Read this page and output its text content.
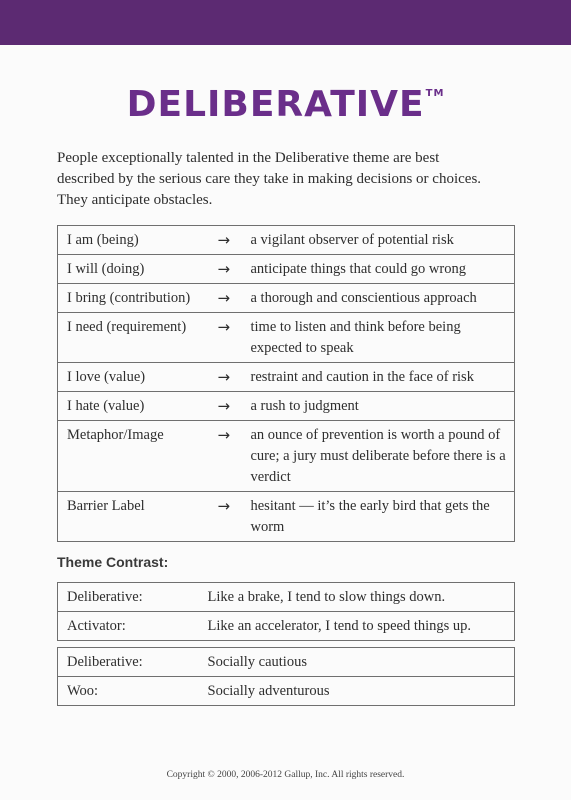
DELIBERATIVE™

People exceptionally talented in the Deliberative theme are best described by the serious care they take in making decisions or choices. They anticipate obstacles.

I am (being)	→	a vigilant observer of potential risk
I will (doing)	→	anticipate things that could go wrong
I bring (contribution)	→	a thorough and conscientious approach
I need (requirement)	→	time to listen and think before being expected to speak
I love (value)	→	restraint and caution in the face of risk
I hate (value)	→	a rush to judgment
Metaphor/Image	→	an ounce of prevention is worth a pound of cure; a jury must deliberate before there is a verdict
Barrier Label	→	hesitant — it’s the early bird that gets the worm
Theme Contrast:
Deliberative:	Like a brake, I tend to slow things down.
Activator:	Like an accelerator, I tend to speed things up.
Deliberative:	Socially cautious
Woo:	Socially adventurous

Copyright © 2000, 2006-2012 Gallup, Inc. All rights reserved.
